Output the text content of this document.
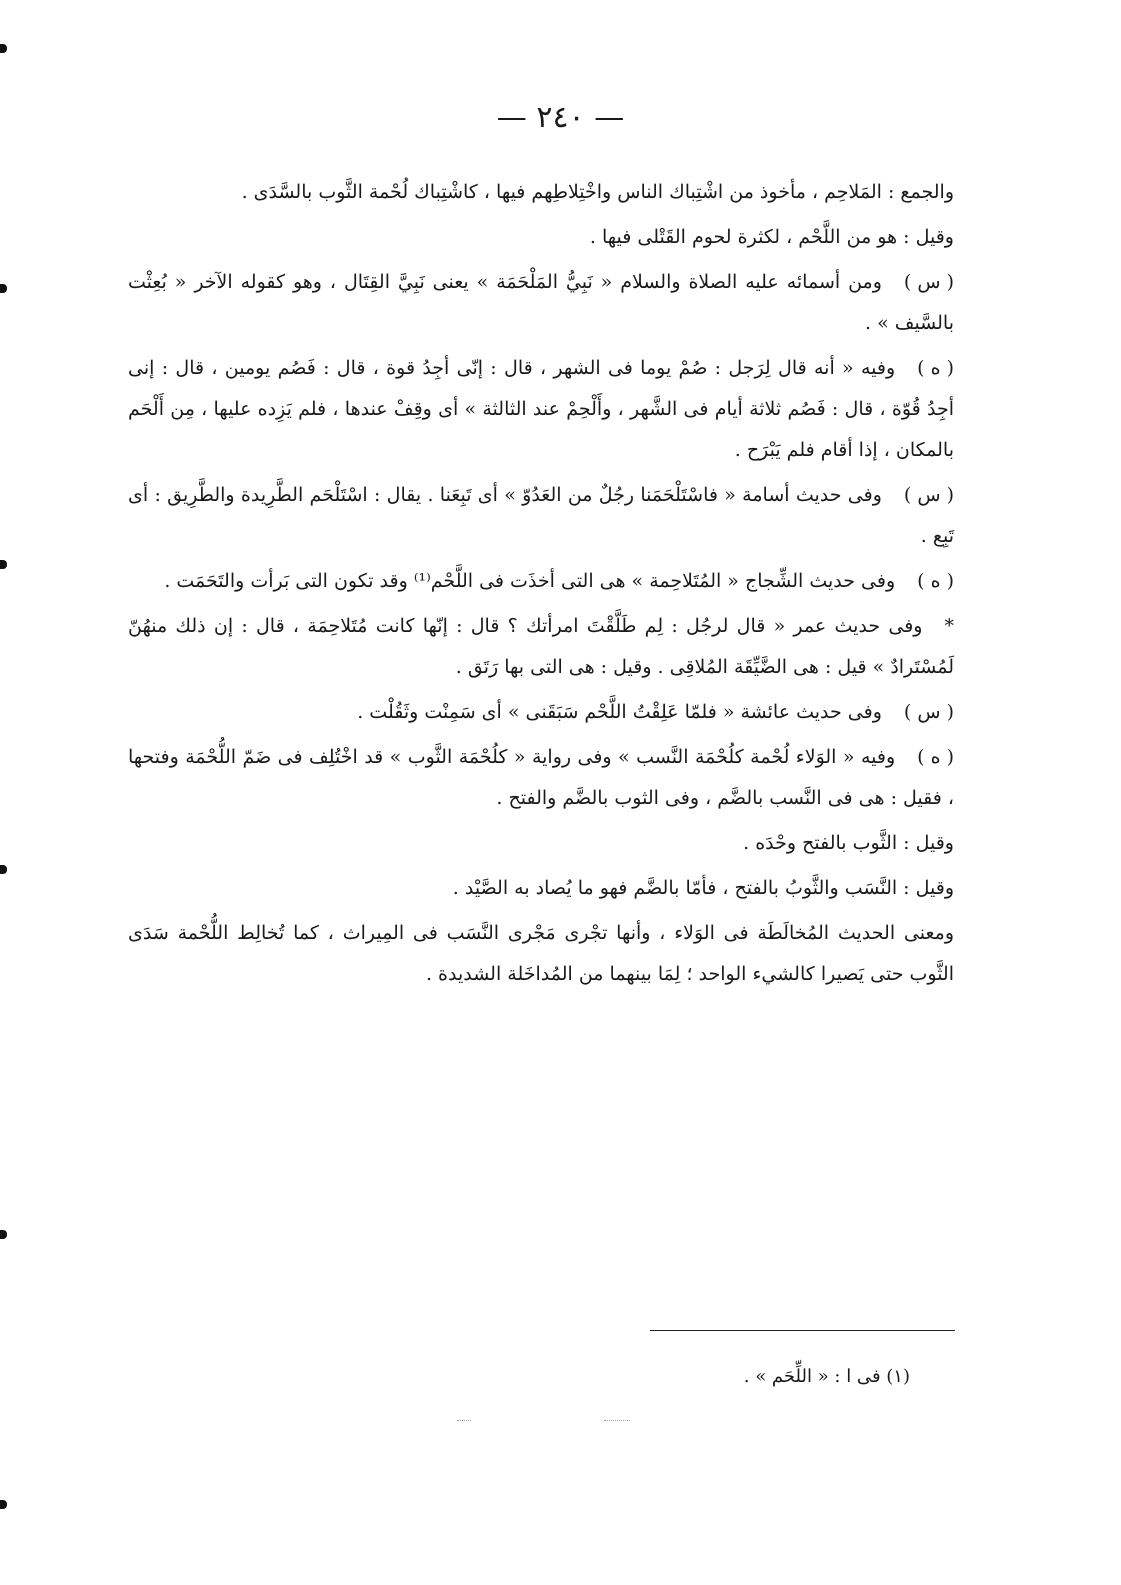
— ٢٤٠ —

والجمع : المَلاحِم ، مأخوذ من اشْتِباك الناس واخْتِلاطِهم فيها ، كاشْتِباك لُحْمة الثَّوب بالسَّدَى .

وقيل : هو من اللَّحْم ، لكثرة لحوم القَتْلى فيها .

( س )ومن أسمائه عليه الصلاة والسلام « نَبِيُّ المَلْحَمَة » يعنى نَبِيَّ القِتَال ، وهو كقوله الآخر « بُعِثْت بالسَّيف » .

( ه )وفيه « أنه قال لِرَجل : صُمْ يوما فى الشهر ، قال : إنّى أجِدُ قوة ، قال : فَصُم يومين ، قال : إنى أجِدُ قُوّة ، قال : فَصُم ثلاثة أيام فى الشَّهر ، وأَلْحِمْ عند الثالثة » أى وقِفْ عندها ، فلم يَزِده عليها ، مِن أَلْحَم بالمكان ، إذا أقام فلم يَبْرَح .

( س )وفى حديث أسامة « فاسْتَلْحَمَنا رجُلٌ من العَدُوّ » أى تَبِعَنا . يقال : اسْتَلْحَم الطَّرِيدة والطَّرِيق : أى تَبِع .

( ه )وفى حديث الشِّجاج « المُتَلاحِمة » هى التى أخذَت فى اللَّحْم⁽¹⁾ وقد تكون التى بَرأت والتَحَمَت .

*وفى حديث عمر « قال لرجُل : لِم طَلَّقْتَ امرأتك ؟ قال : إنّها كانت مُتَلاحِمَة ، قال : إن ذلك منهُنّ لَمُسْتَرادٌ » قيل : هى الضَّيِّقَة المُلاقِى . وقيل : هى التى بها رَتَق .

( س )وفى حديث عائشة « فلمّا عَلِقْتُ اللَّحْم سَبَقَنى » أى سَمِنْت وثَقُلْت .

( ه )وفيه « الوَلاء لُحْمة كلُحْمَة النَّسب » وفى رواية « كلُحْمَة الثَّوب » قد اخْتُلِف فى ضَمّ اللُّحْمَة وفتحها ، فقيل : هى فى النَّسب بالضَّم ، وفى الثوب بالضَّم والفتح .

وقيل : الثَّوب بالفتح وحْدَه .

وقيل : النَّسَب والثَّوبُ بالفتح ، فأمّا بالضَّم فهو ما يُصاد به الصَّيْد .

ومعنى الحديث المُخالَطَة فى الوَلاء ، وأنها تجْرى مَجْرى النَّسَب فى المِيراث ، كما تُخالِط اللُّحْمة سَدَى الثَّوب حتى يَصيرا كالشيء الواحد ؛ لِمَا بينهما من المُداخَلة الشديدة .

(١) فى ا : « اللِّحَم » .
